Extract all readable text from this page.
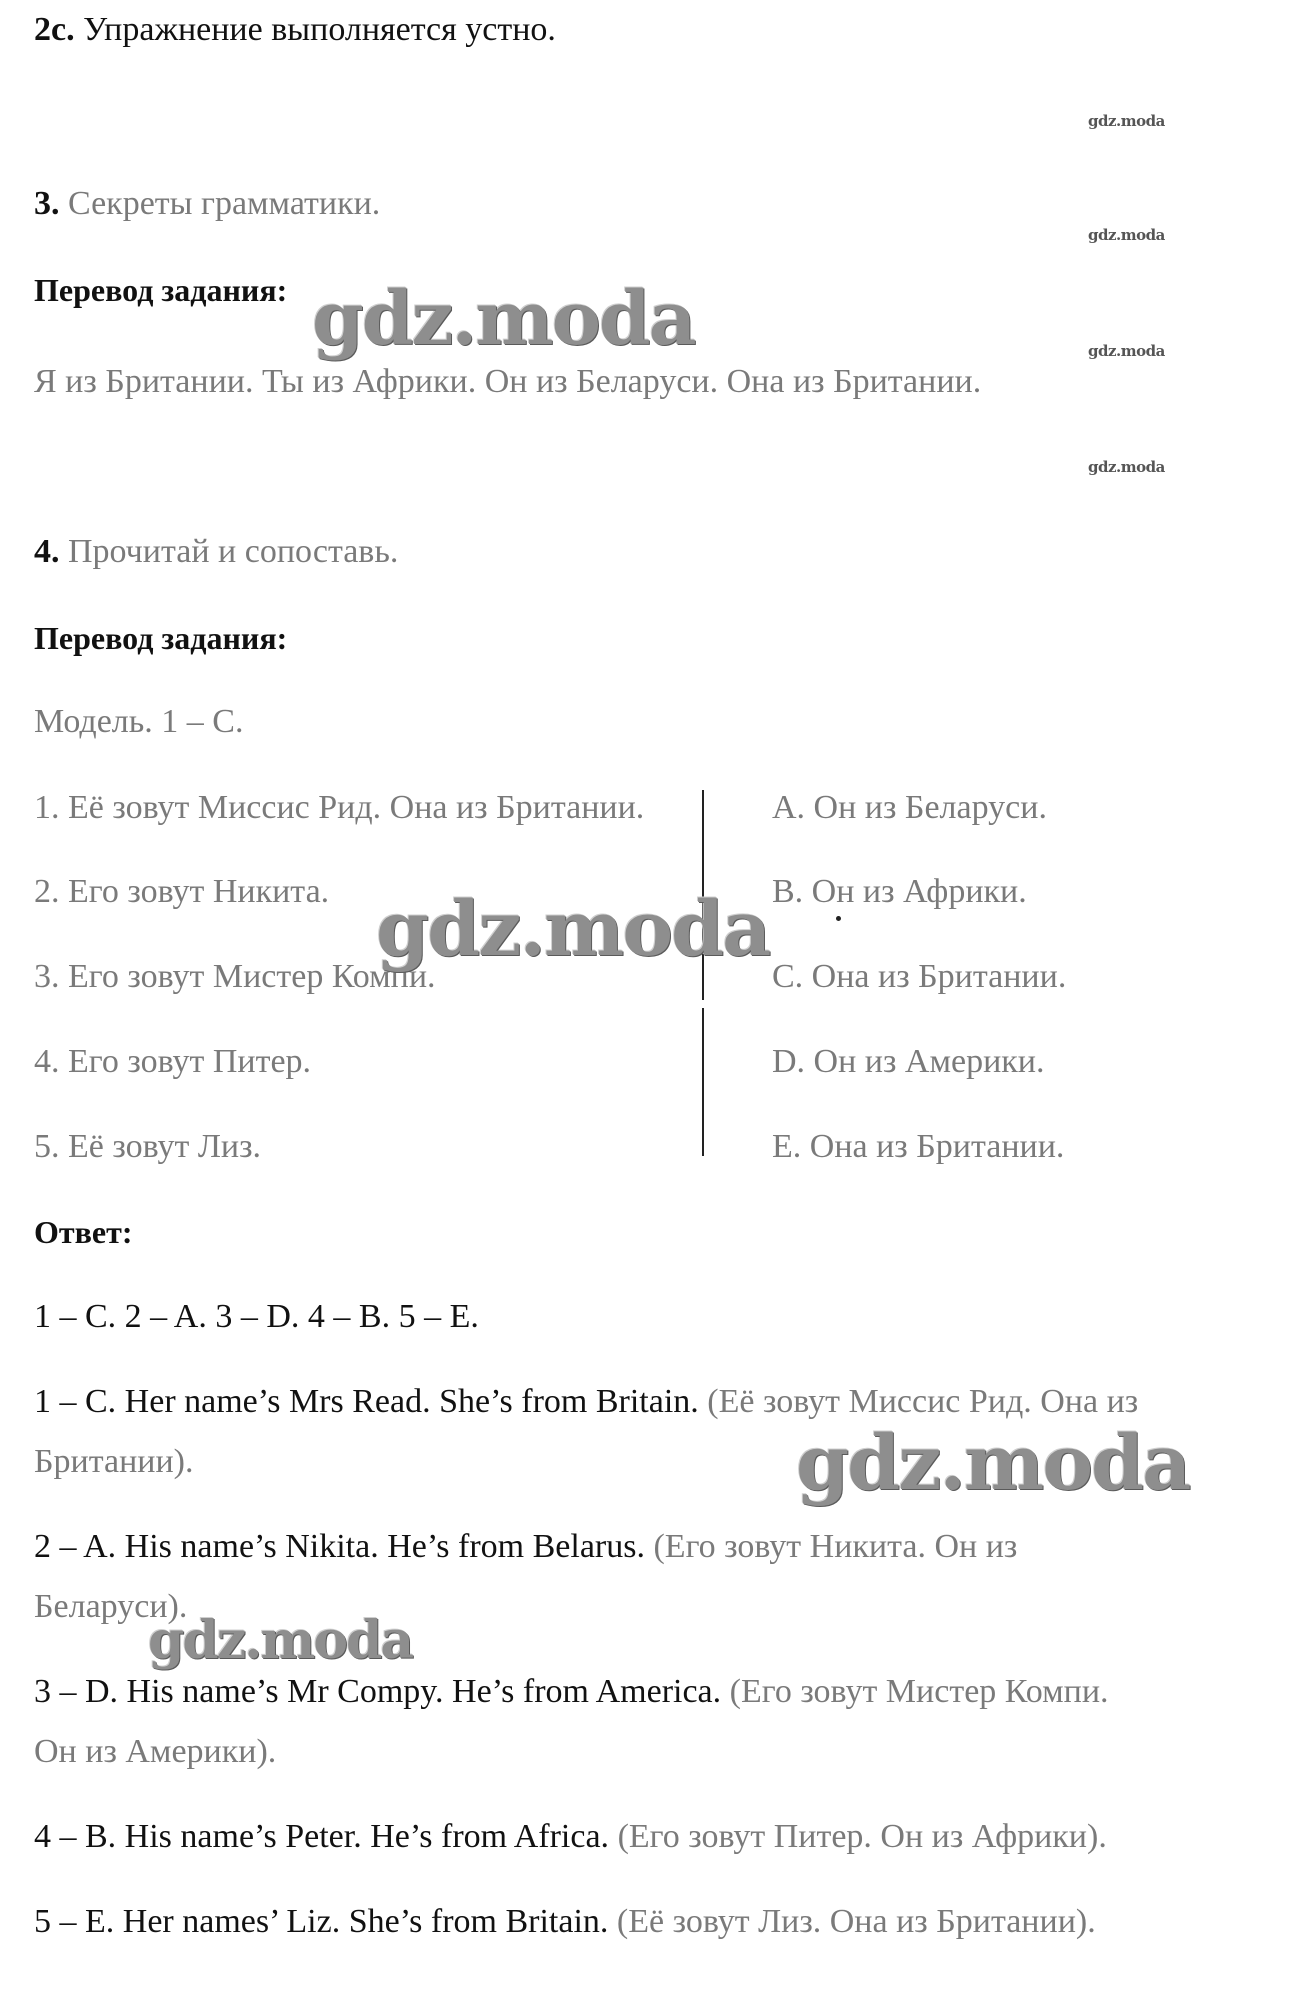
2c. Упражнение выполняется устно.
gdz.moda
gdz.moda
gdz.moda
gdz.moda
3. Секреты грамматики.
Перевод задания: gdz.moda
Я из Британии. Ты из Африки. Он из Беларуси. Она из Британии.
4. Прочитай и сопоставь.
Перевод задания:
Модель. 1 – С.
1. Её зовут Миссис Рид. Она из Британии.
2. Его зовут Никита.
3. Его зовут Мистер Компи.
4. Его зовут Питер.
5. Её зовут Лиз.
A. Он из Беларуси.
B. Он из Африки.
C. Она из Британии.
D. Он из Америки.
E. Она из Британии.
gdz.moda
Ответ:
1 – C. 2 – A. 3 – D. 4 – B. 5 – E.
1 – C. Her name’s Mrs Read. She’s from Britain. (Её зовут Миссис Рид. Она из
Британии).	gdz.moda
2 – A. His name’s Nikita. He’s from Belarus. (Его зовут Никита. Он из
Беларуси).
gdz.moda
3 – D. His name’s Mr Compy. He’s from America. (Его зовут Мистер Компи.
Он из Америки).
4 – B. His name’s Peter. He’s from Africa. (Его зовут Питер. Он из Африки).
5 – E. Her names’ Liz. She’s from Britain. (Её зовут Лиз. Она из Британии).
